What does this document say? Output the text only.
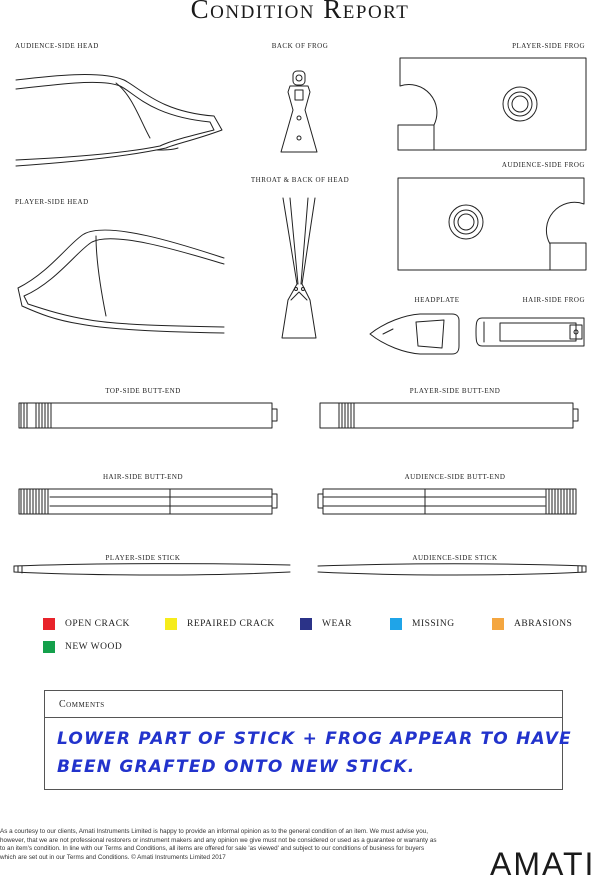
Condition Report
AUDIENCE-SIDE HEAD	BACK OF FROG	PLAYER-SIDE FROG
AUDIENCE-SIDE FROG
THROAT & BACK OF HEAD
PLAYER-SIDE HEAD
HEADPLATE	HAIR-SIDE FROG
TOP-SIDE BUTT-END	PLAYER-SIDE BUTT-END
HAIR-SIDE BUTT-END	AUDIENCE-SIDE BUTT-END
PLAYER-SIDE STICK	AUDIENCE-SIDE STICK
OPEN CRACK	REPAIRED CRACK	WEAR	MISSING	ABRASIONS
NEW WOOD
Comments
LOWER PART OF STICK + FROG APPEAR TO HAVE
BEEN GRAFTED ONTO NEW STICK.
As a courtesy to our clients, Amati Instruments Limited is happy to provide an informal opinion as to the general condition of an item. We must advise you, however, that we are not professional restorers or instrument makers and any opinion we give must not be considered or used as a guarantee or warranty as to an item's condition. In line with our Terms and Conditions, all items are offered for sale 'as viewed' and subject to our conditions of business for buyers which are set out in our Terms and Conditions. © Amati Instruments Limited 2017	AMATI
